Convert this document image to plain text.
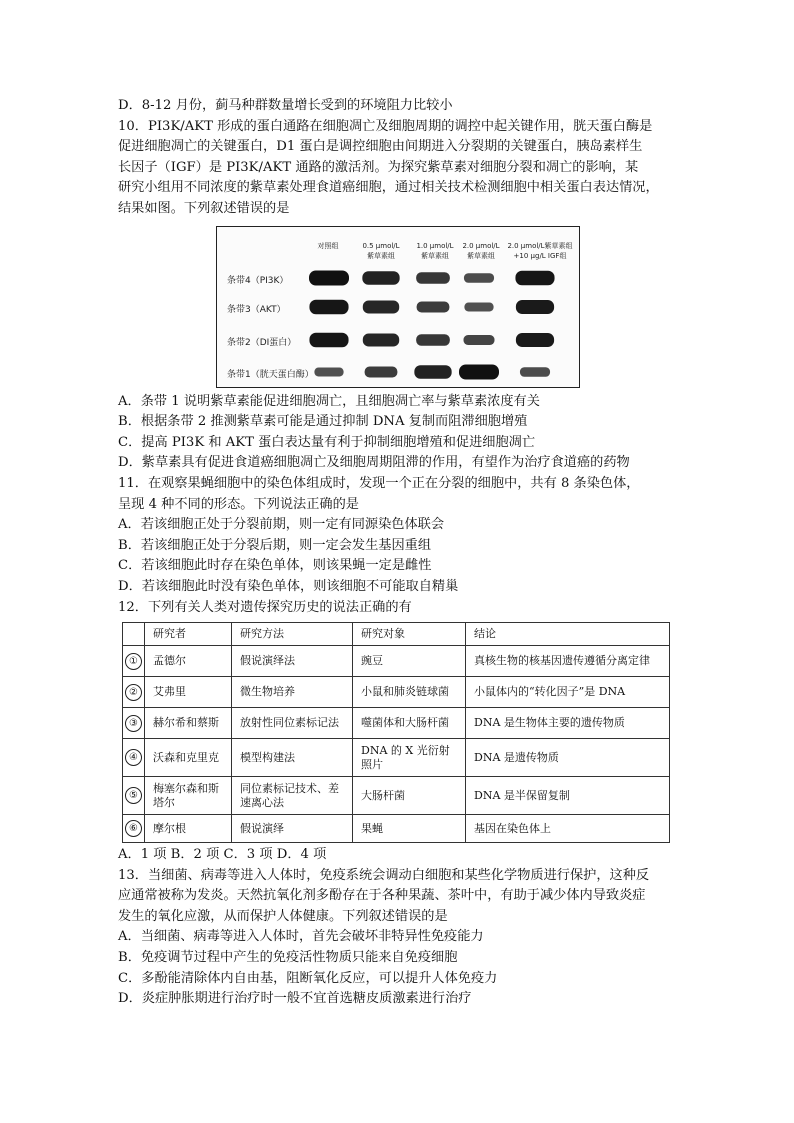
D．8-12 月份，蓟马种群数量增长受到的环境阻力比较小

10．PI3K/AKT 形成的蛋白通路在细胞凋亡及细胞周期的调控中起关键作用，胱天蛋白酶是

促进细胞凋亡的关键蛋白，D1 蛋白是调控细胞由间期进入分裂期的关键蛋白，胰岛素样生

长因子（IGF）是 PI3K/AKT 通路的激活剂。为探究紫草素对细胞分裂和凋亡的影响，某

研究小组用不同浓度的紫草素处理食道癌细胞，通过相关技术检测细胞中相关蛋白表达情况，

结果如图。下列叙述错误的是

对照组	0.5 μmol/L
紫草素组
1.0 μmol/L
紫草素组
2.0 μmol/L
紫草素组
2.0 μmol/L紫草素组
+10 μg/L IGF组
条带4（PI3K）
条带3（AKT）
条带2（DI蛋白）
条带1（胱天蛋白酶）

A．条带 1 说明紫草素能促进细胞凋亡，且细胞凋亡率与紫草素浓度有关

B．根据条带 2 推测紫草素可能是通过抑制 DNA 复制而阻滞细胞增殖

C．提高 PI3K 和 AKT 蛋白表达量有利于抑制细胞增殖和促进细胞凋亡

D．紫草素具有促进食道癌细胞凋亡及细胞周期阻滞的作用，有望作为治疗食道癌的药物

11．在观察果蝇细胞中的染色体组成时，发现一个正在分裂的细胞中，共有 8 条染色体，

呈现 4 种不同的形态。下列说法正确的是

A．若该细胞正处于分裂前期，则一定有同源染色体联会

B．若该细胞正处于分裂后期，则一定会发生基因重组

C．若该细胞此时存在染色单体，则该果蝇一定是雌性

D．若该细胞此时没有染色单体，则该细胞不可能取自精巢

12．下列有关人类对遗传探究历史的说法正确的有

	研究者	研究方法	研究对象	结论
①	孟德尔	假说演绎法	豌豆	真核生物的核基因遗传遵循分离定律
②	艾弗里	微生物培养	小鼠和肺炎链球菌	小鼠体内的“转化因子”是 DNA
③	赫尔希和蔡斯	放射性同位素标记法	噬菌体和大肠杆菌	DNA 是生物体主要的遗传物质
④	沃森和克里克	模型构建法	DNA 的 X 光衍射照片	DNA 是遗传物质
⑤	梅塞尔森和斯塔尔	同位素标记技术、差速离心法	大肠杆菌	DNA 是半保留复制
⑥	摩尔根	假说演绎	果蝇	基因在染色体上

A．1 项 B．2 项 C．3 项 D．4 项

13．当细菌、病毒等进入人体时，免疫系统会调动白细胞和某些化学物质进行保护，这种反

应通常被称为发炎。天然抗氧化剂多酚存在于各种果蔬、茶叶中，有助于减少体内导致炎症

发生的氧化应激，从而保护人体健康。下列叙述错误的是

A．当细菌、病毒等进入人体时，首先会破坏非特异性免疫能力

B．免疫调节过程中产生的免疫活性物质只能来自免疫细胞

C．多酚能清除体内自由基，阻断氧化反应，可以提升人体免疫力

D．炎症肿胀期进行治疗时一般不宜首选糖皮质激素进行治疗
